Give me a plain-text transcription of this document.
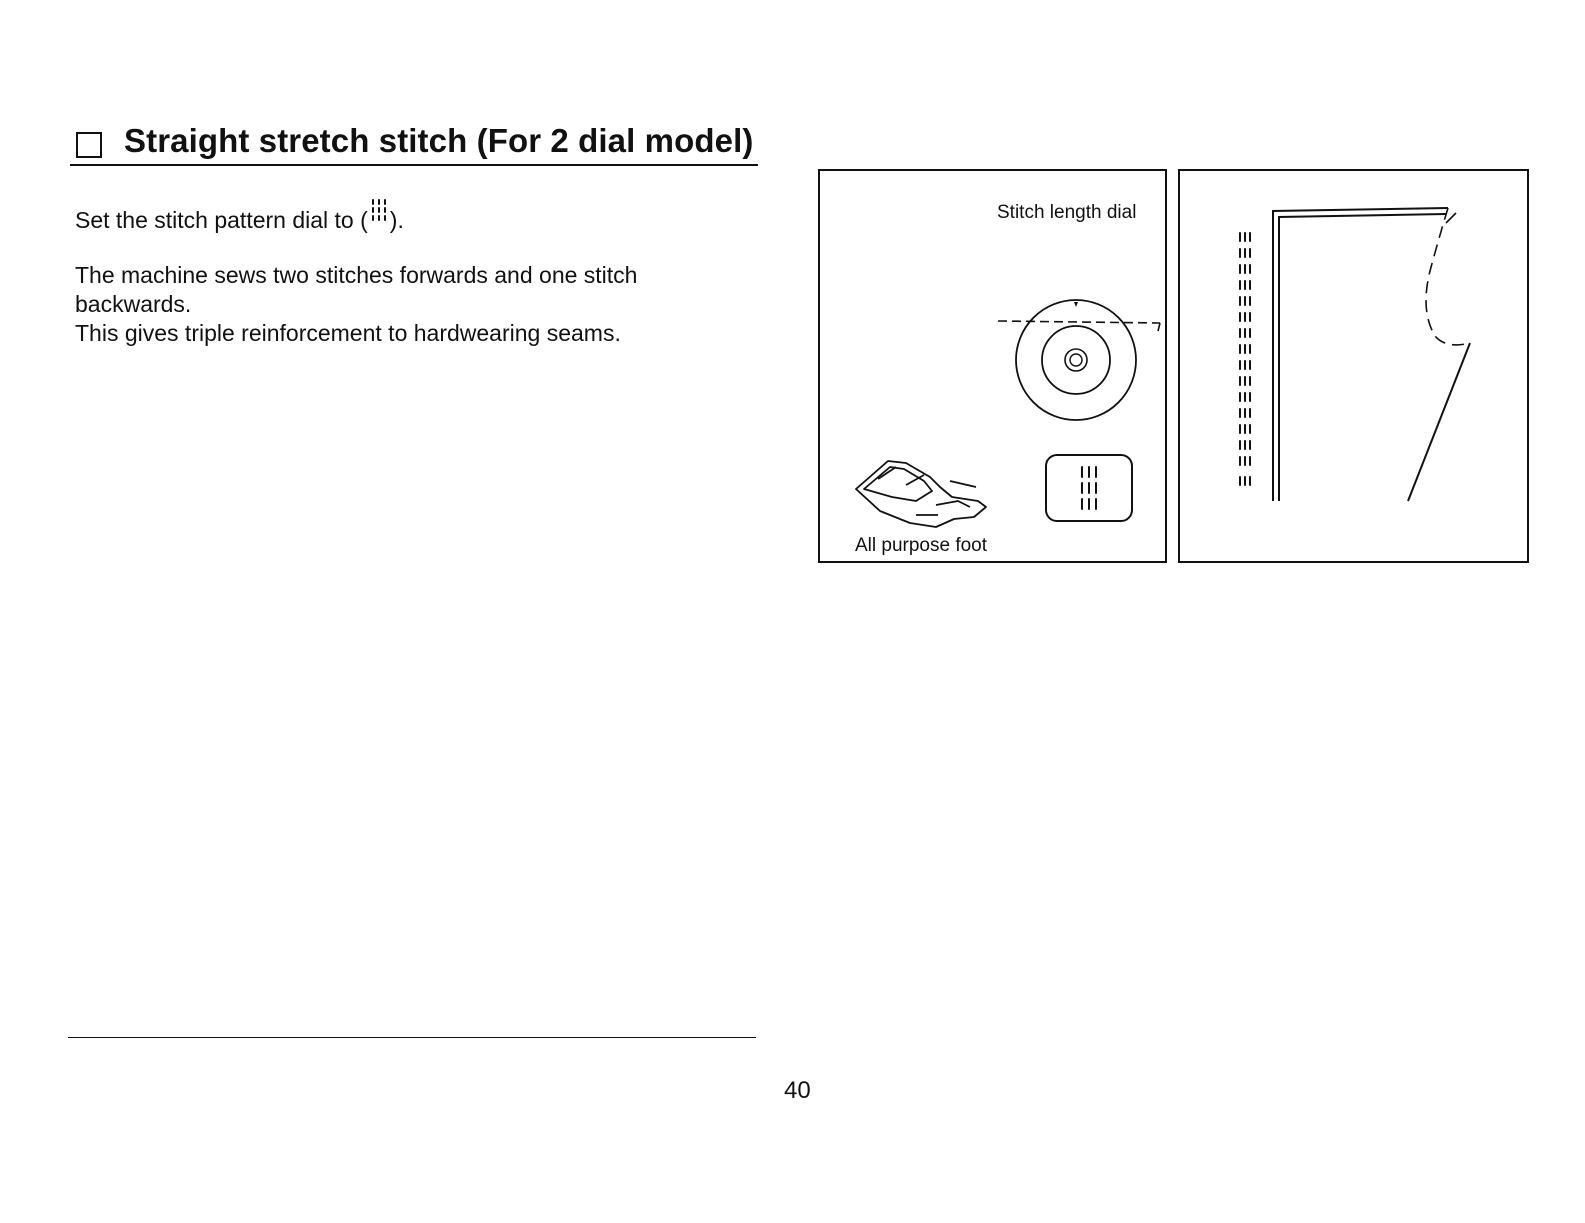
Straight stretch stitch (For 2 dial model)
Set the stitch pattern dial to ( ).
The machine sews two stitches forwards and one stitch
backwards.
This gives triple reinforcement to hardwearing seams.
Stitch length dial
All purpose foot
40
